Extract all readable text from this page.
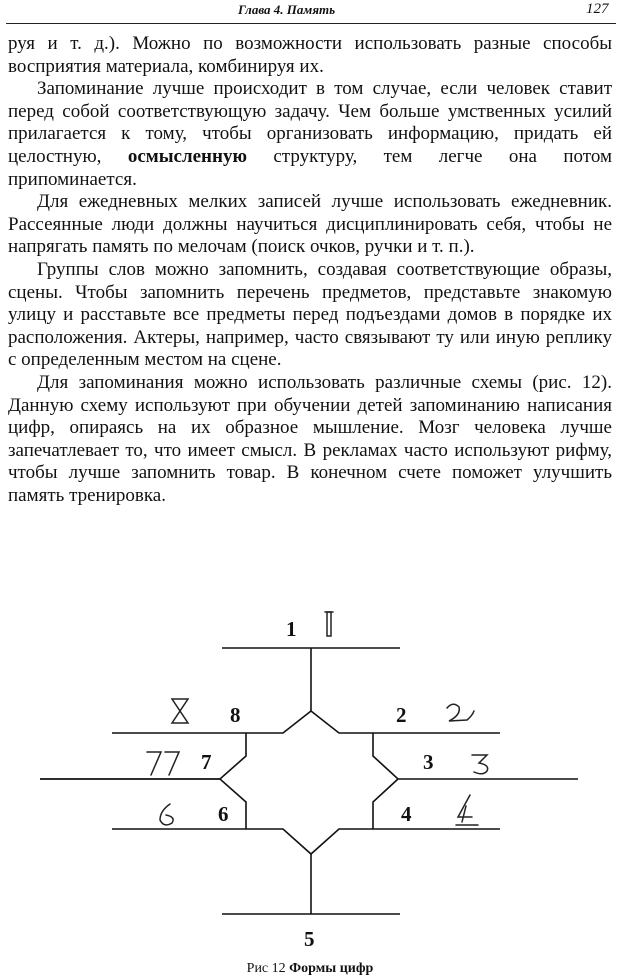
Глава 4. Память	127

руя и т. д.). Можно по возможности использовать разные способы восприятия материала, комбинируя их.

Запоминание лучше происходит в том случае, если человек ставит перед собой соответствующую задачу. Чем больше умственных усилий прилагается к тому, чтобы организовать информацию, придать ей целостную, осмысленную структуру, тем легче она потом припоминается.

Для ежедневных мелких записей лучше использовать ежедневник. Рассеянные люди должны научиться дисциплинировать себя, чтобы не напрягать память по мелочам (поиск очков, ручки и т. п.).

Группы слов можно запомнить, создавая соответствующие образы, сцены. Чтобы запомнить перечень предметов, представьте знакомую улицу и расставьте все предметы перед подъездами домов в порядке их расположения. Актеры, например, часто связывают ту или иную реплику с определенным местом на сцене.

Для запоминания можно использовать различные схемы (рис. 12). Данную схему используют при обучении детей запоминанию написания цифр, опираясь на их образное мышление. Мозг человека лучше запечатлевает то, что имеет смысл. В рекламах часто используют рифму, чтобы лучше запомнить товар. В конечном счете поможет улучшить память тренировка.

1
2
3
4
5
6
7
8
Рис 12 Формы цифр
